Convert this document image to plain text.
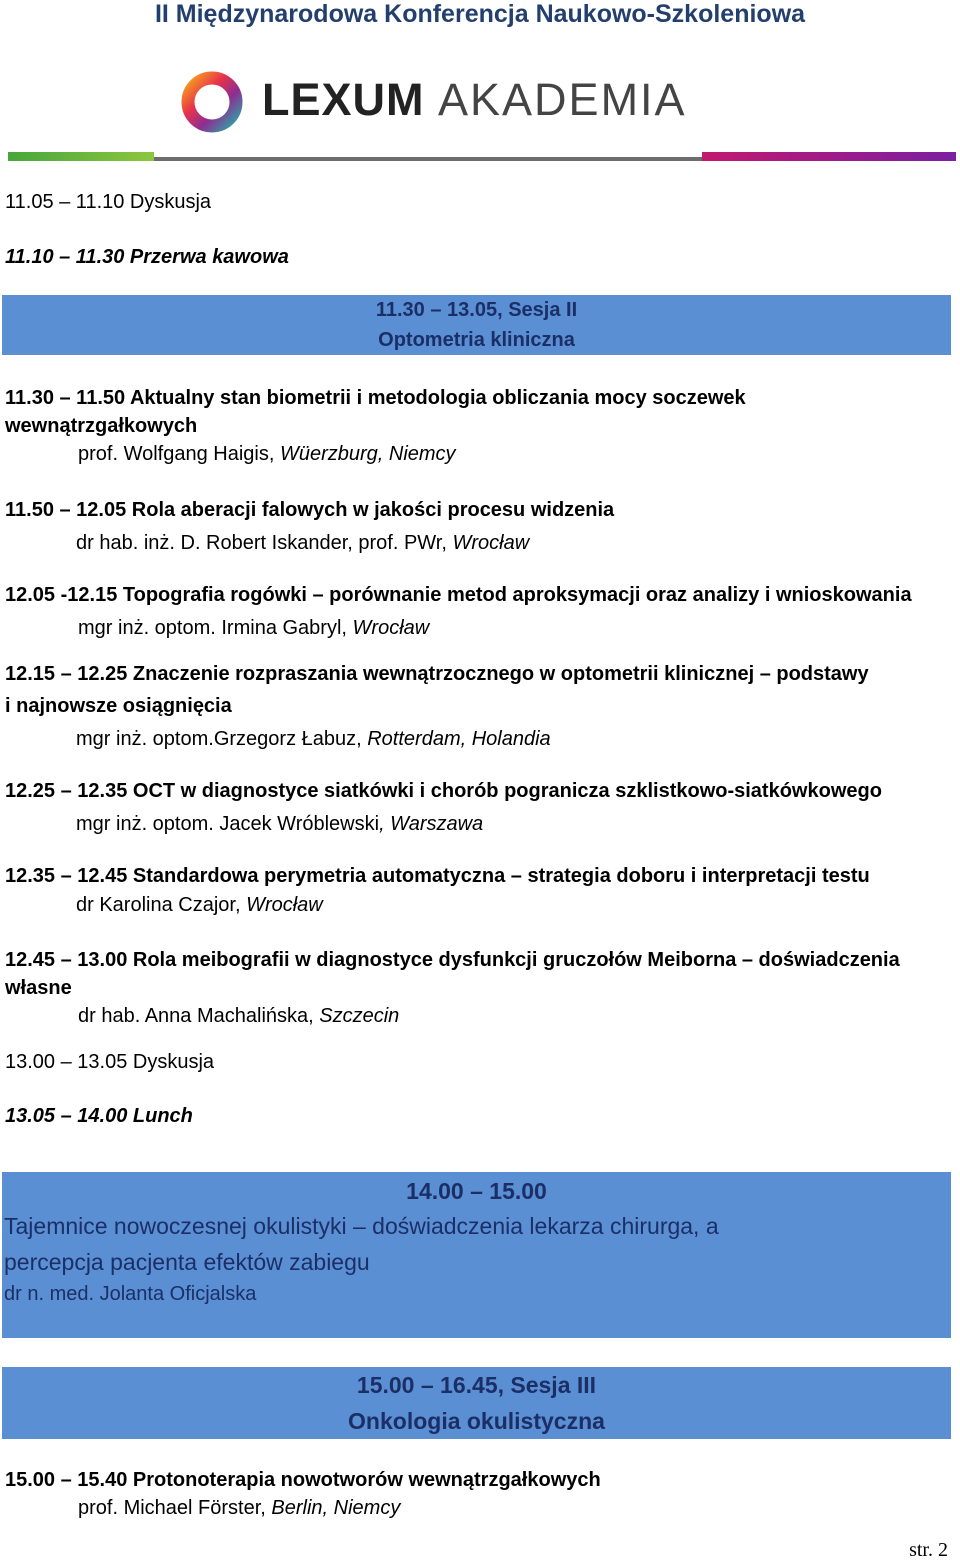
II Międzynarodowa Konferencja Naukowo-Szkoleniowa
LEXUM AKADEMIA
11.05 – 11.10 Dyskusja
11.10 – 11.30 Przerwa kawowa
11.30 – 13.05, Sesja II
Optometria kliniczna
11.30 – 11.50 Aktualny stan biometrii i metodologia obliczania mocy soczewek
wewnątrzgałkowych
prof. Wolfgang Haigis, Wüerzburg, Niemcy
11.50 – 12.05 Rola aberacji falowych w jakości procesu widzenia
dr hab. inż. D. Robert Iskander, prof. PWr, Wrocław
12.05 -12.15 Topografia rogówki – porównanie metod aproksymacji oraz analizy i wnioskowania
mgr inż. optom. Irmina Gabryl, Wrocław
12.15 – 12.25 Znaczenie rozpraszania wewnątrzocznego w optometrii klinicznej – podstawy
i najnowsze osiągnięcia
mgr inż. optom.Grzegorz Łabuz, Rotterdam, Holandia
12.25 – 12.35 OCT w diagnostyce siatkówki i chorób pogranicza szklistkowo-siatkówkowego
mgr inż. optom. Jacek Wróblewski, Warszawa
12.35 – 12.45 Standardowa perymetria automatyczna – strategia doboru i interpretacji testu
dr Karolina Czajor, Wrocław
12.45 – 13.00 Rola meibografii w diagnostyce dysfunkcji gruczołów Meiborna – doświadczenia
własne
dr hab. Anna Machalińska, Szczecin
13.00 – 13.05 Dyskusja
13.05 – 14.00 Lunch
14.00 – 15.00
Tajemnice nowoczesnej okulistyki – doświadczenia lekarza chirurga, a
percepcja pacjenta efektów zabiegu
dr n. med. Jolanta Oficjalska
15.00 – 16.45, Sesja III
Onkologia okulistyczna
15.00 – 15.40 Protonoterapia nowotworów wewnątrzgałkowych
prof. Michael Förster, Berlin, Niemcy
str. 2
